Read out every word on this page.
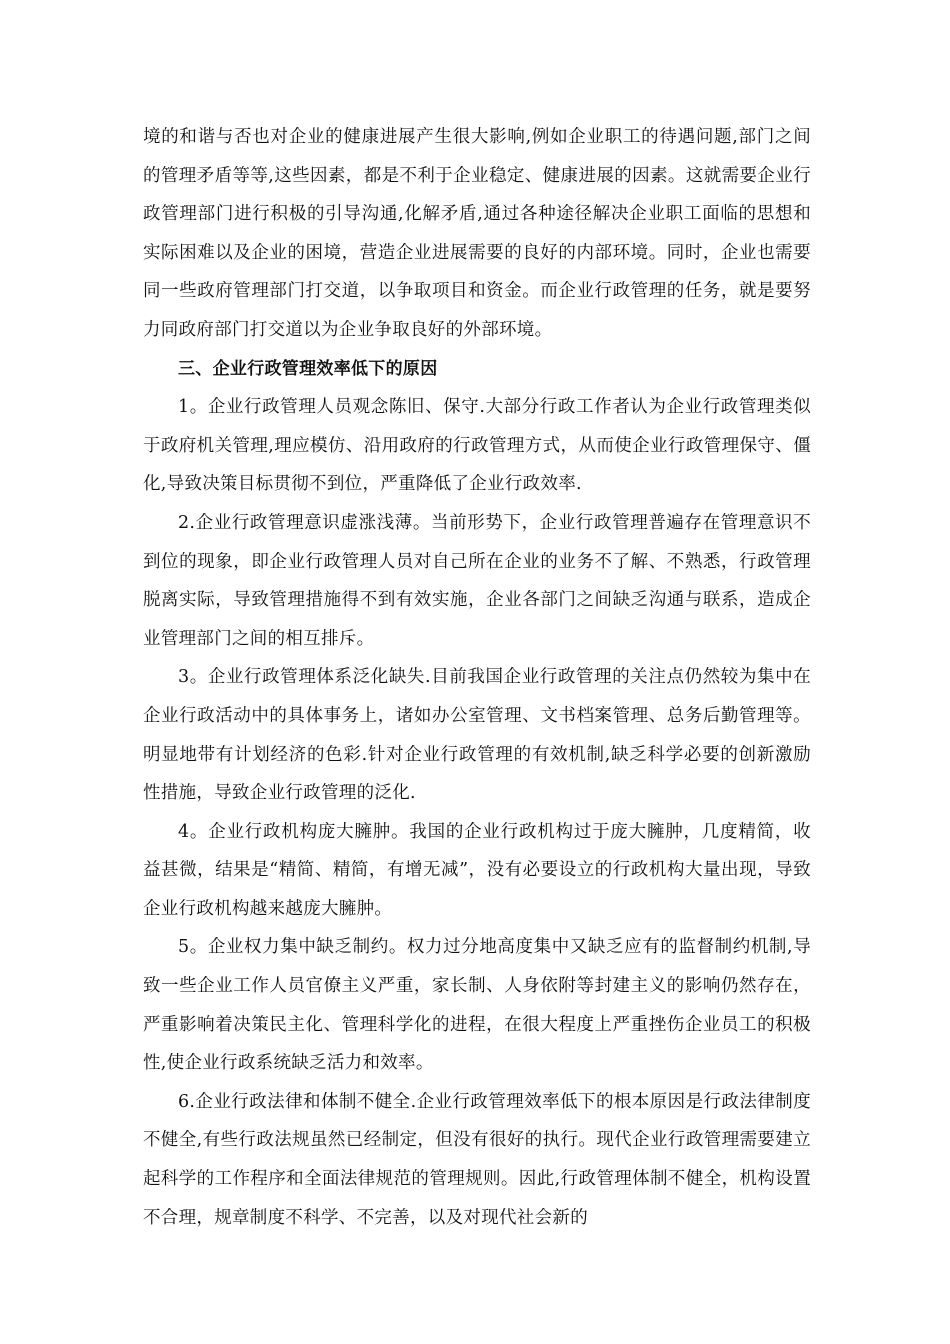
境的和谐与否也对企业的健康进展产生很大影响,例如企业职工的待遇问题,部门之间的管理矛盾等等,这些因素，都是不利于企业稳定、健康进展的因素。这就需要企业行政管理部门进行积极的引导沟通,化解矛盾,通过各种途径解决企业职工面临的思想和实际困难以及企业的困境，营造企业进展需要的良好的内部环境。同时，企业也需要同一些政府管理部门打交道，以争取项目和资金。而企业行政管理的任务，就是要努力同政府部门打交道以为企业争取良好的外部环境。

三、企业行政管理效率低下的原因

1。企业行政管理人员观念陈旧、保守.大部分行政工作者认为企业行政管理类似于政府机关管理,理应模仿、沿用政府的行政管理方式，从而使企业行政管理保守、僵化,导致决策目标贯彻不到位，严重降低了企业行政效率.

2.企业行政管理意识虚涨浅薄。当前形势下，企业行政管理普遍存在管理意识不到位的现象，即企业行政管理人员对自己所在企业的业务不了解、不熟悉，行政管理脱离实际，导致管理措施得不到有效实施，企业各部门之间缺乏沟通与联系，造成企业管理部门之间的相互排斥。

3。企业行政管理体系泛化缺失.目前我国企业行政管理的关注点仍然较为集中在企业行政活动中的具体事务上，诸如办公室管理、文书档案管理、总务后勤管理等。明显地带有计划经济的色彩.针对企业行政管理的有效机制,缺乏科学必要的创新激励性措施，导致企业行政管理的泛化.

4。企业行政机构庞大臃肿。我国的企业行政机构过于庞大臃肿，几度精简，收益甚微，结果是“精简、精简，有增无减”，没有必要设立的行政机构大量出现，导致企业行政机构越来越庞大臃肿。

5。企业权力集中缺乏制约。权力过分地高度集中又缺乏应有的监督制约机制,导致一些企业工作人员官僚主义严重，家长制、人身依附等封建主义的影响仍然存在，严重影响着决策民主化、管理科学化的进程，在很大程度上严重挫伤企业员工的积极性,使企业行政系统缺乏活力和效率。

6.企业行政法律和体制不健全.企业行政管理效率低下的根本原因是行政法律制度不健全,有些行政法规虽然已经制定，但没有很好的执行。现代企业行政管理需要建立起科学的工作程序和全面法律规范的管理规则。因此,行政管理体制不健全，机构设置不合理，规章制度不科学、不完善，以及对现代社会新的
